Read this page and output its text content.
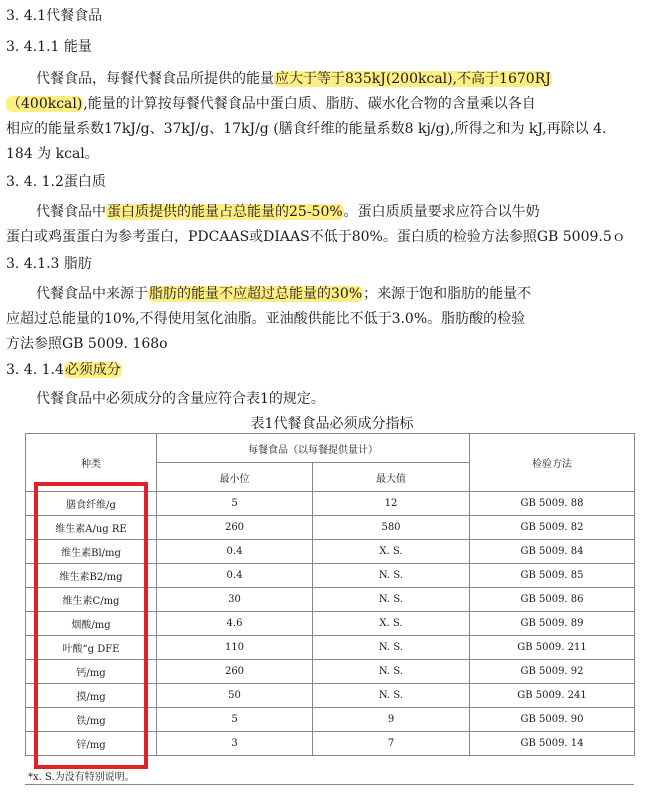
3. 4.1代餐食品
3. 4.1.1 能量
代餐食品，每餐代餐食品所提供的能量应大于等于835kJ(200kcal),不高于1670RJ
（400kcal),能量的计算按每餐代餐食品中蛋白质、脂肪、碳水化合物的含量乘以各自
相应的能量系数17kJ/g、37kJ/g、17kJ/g (膳食纤维的能量系数8 kj/g),所得之和为 kJ,再除以 4.
184 为 kcal。
3. 4. 1.2蛋白质
代餐食品中蛋白质提供的能量占总能量的25-50%。蛋白质质量要求应符合以牛奶
蛋白或鸡蛋蛋白为参考蛋白，PDCAAS或DIAAS不低于80%。蛋白质的检验方法参照GB 5009.5ｏ
3. 4.1.3 脂肪
代餐食品中来源于脂肪的能量不应超过总能量的30%；来源于饱和脂肪的能量不
应超过总能量的10%,不得使用氢化油脂。亚油酸供能比不低于3.0%。脂肪酸的检验
方法参照GB 5009. 168o
3. 4. 1.4必须成分
代餐食品中必须成分的含量应符合表1的规定。
表1代餐食品必须成分指标
种类	每餐食品（以每餐提供量计）		检验方法
	最小位	最大值	
膳食纤维/g	5	12	GB 5009. 88
维生素A/ug RE	260	580	GB 5009. 82
维生素Bl/mg	0.4	X. S.	GB 5009. 84
维生素B2/mg	0.4	N. S.	GB 5009. 85
维生素C/mg	30	N. S.	GB 5009. 86
烟酸/mg	4.6	X. S.	GB 5009. 89
叶酸“g DFE	110	N. S.	GB 5009. 211
钙/mg	260	N. S.	GB 5009. 92
摸/mg	50	N. S.	GB 5009. 241
铁/mg	5	9	GB 5009. 90
锌/mg	3	7	GB 5009. 14
*x. S.为没有特别说明。
